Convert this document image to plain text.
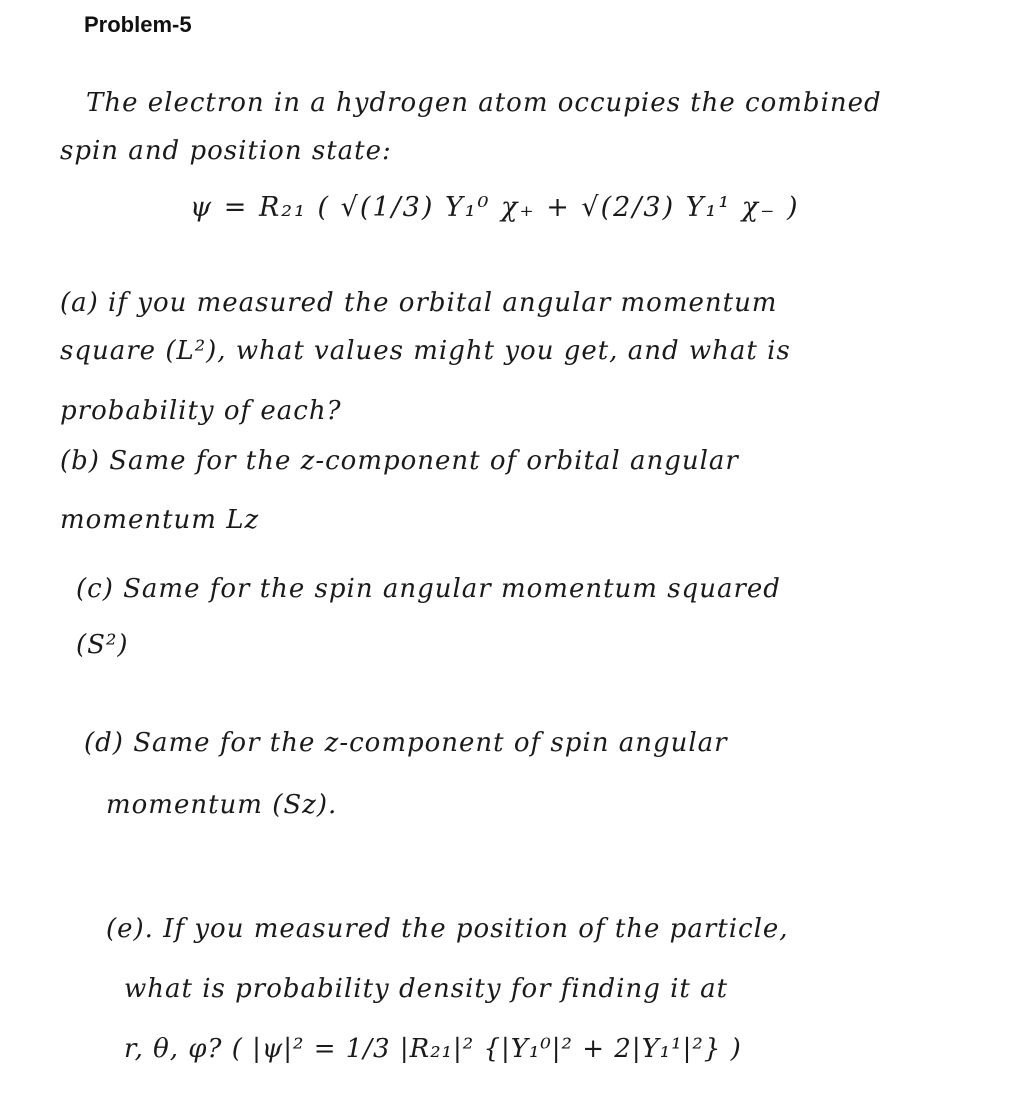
Problem-5
The electron in a hydrogen atom occupies the combined
spin and position state:
ψ = R₂₁ ( √(1/3) Y₁⁰ χ₊ + √(2/3) Y₁¹ χ₋ )
(a) if you measured the orbital angular momentum
square (L²), what values might you get, and what is
probability of each?
(b) Same for the z-component of orbital angular
momentum Lz
(c) Same for the spin angular momentum squared
(S²)
(d) Same for the z-component of spin angular
momentum (Sz).
(e). If you measured the position of the particle,
what is probability density for finding it at
r, θ, φ? ( |ψ|² = 1/3 |R₂₁|² {|Y₁⁰|² + 2|Y₁¹|²} )
